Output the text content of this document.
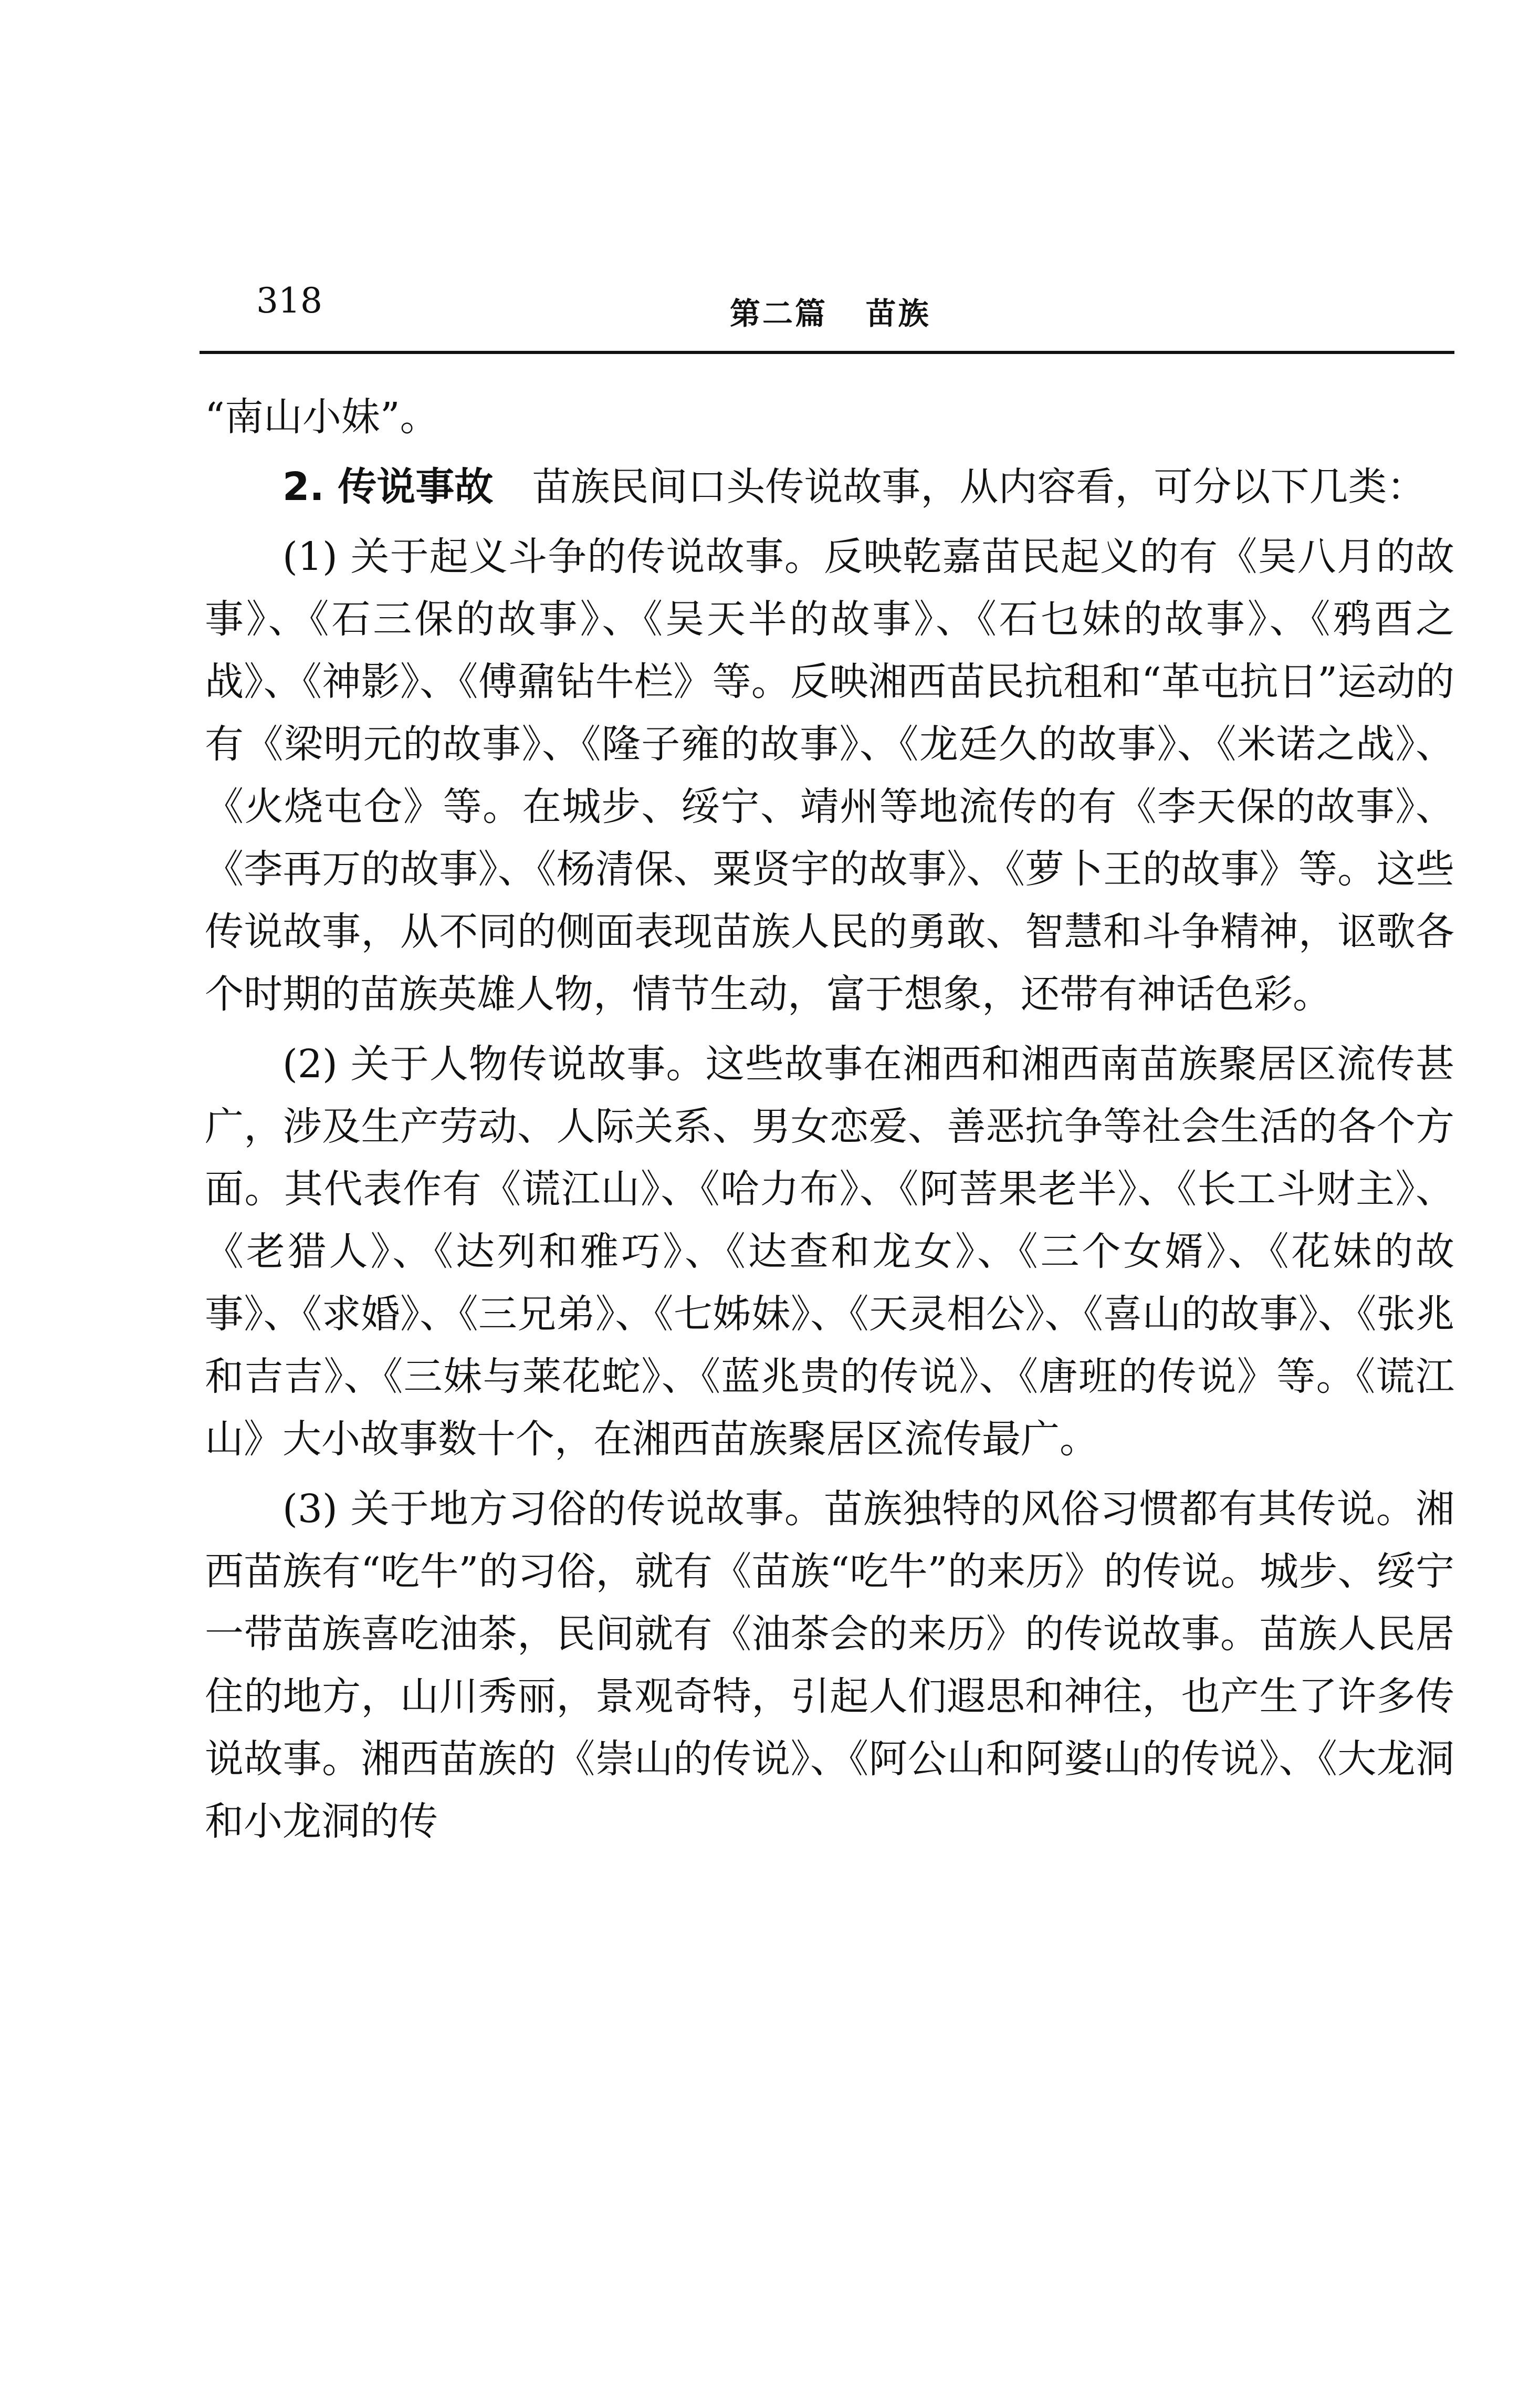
318	第二篇   苗族

“南山小妹”。

2. 传说事故　 苗族民间口头传说故事，从内容看，可分以下几类：

(1) 关于起义斗争的传说故事。反映乾嘉苗民起义的有《吴八月的故事》、《石三保的故事》、《吴天半的故事》、《石乜妹的故事》、《鸦酉之战》、《神影》、《傅鼐钻牛栏》等。反映湘西苗民抗租和“革屯抗日”运动的有《梁明元的故事》、《隆子雍的故事》、《龙廷久的故事》、《米诺之战》、《火烧屯仓》等。在城步、绥宁、靖州等地流传的有《李天保的故事》、《李再万的故事》、《杨清保、粟贤宇的故事》、《萝卜王的故事》等。这些传说故事，从不同的侧面表现苗族人民的勇敢、智慧和斗争精神，讴歌各个时期的苗族英雄人物，情节生动，富于想象，还带有神话色彩。

(2) 关于人物传说故事。这些故事在湘西和湘西南苗族聚居区流传甚广，涉及生产劳动、人际关系、男女恋爱、善恶抗争等社会生活的各个方面。其代表作有《谎江山》、《哈力布》、《阿菩果老半》、《长工斗财主》、《老猎人》、《达列和雅巧》、《达查和龙女》、《三个女婿》、《花妹的故事》、《求婚》、《三兄弟》、《七姊妹》、《天灵相公》、《喜山的故事》、《张兆和吉吉》、《三妹与莱花蛇》、《蓝兆贵的传说》、《唐班的传说》等。《谎江山》大小故事数十个，在湘西苗族聚居区流传最广。

(3) 关于地方习俗的传说故事。苗族独特的风俗习惯都有其传说。湘西苗族有“吃牛”的习俗，就有《苗族“吃牛”的来历》的传说。城步、绥宁一带苗族喜吃油茶，民间就有《油茶会的来历》的传说故事。苗族人民居住的地方，山川秀丽，景观奇特，引起人们遐思和神往，也产生了许多传说故事。湘西苗族的《崇山的传说》、《阿公山和阿婆山的传说》、《大龙洞和小龙洞的传
